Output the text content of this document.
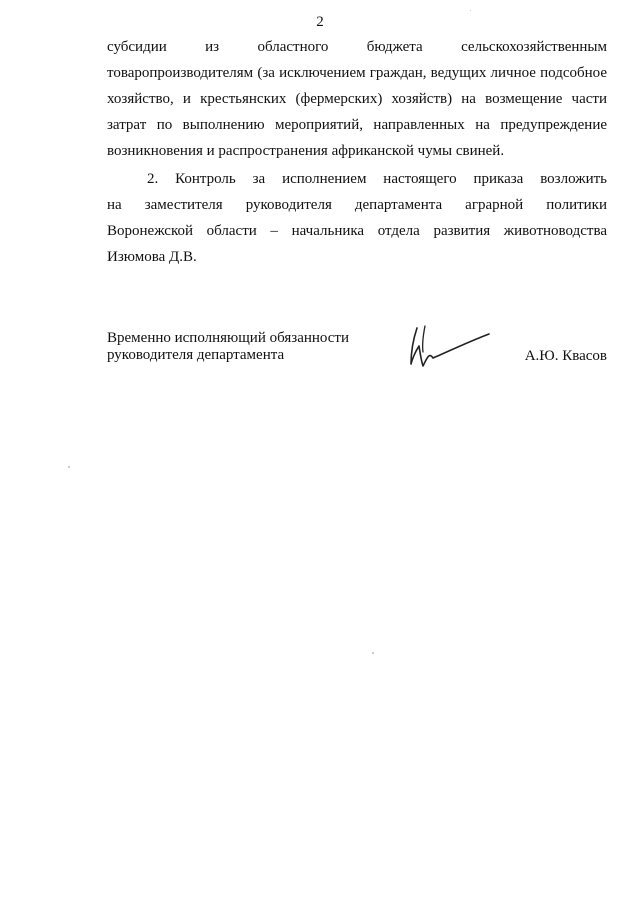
2
субсидии из областного бюджета сельскохозяйственным
товаропроизводителям (за исключением граждан, ведущих личное подсобное
хозяйство, и крестьянских (фермерских) хозяйств) на возмещение части
затрат по выполнению мероприятий, направленных на предупреждение
возникновения и распространения африканской чумы свиней.
2. Контроль за исполнением настоящего приказа возложить
на заместителя руководителя департамента аграрной политики
Воронежской области – начальника отдела развития животноводства
Изюмова Д.В.
Временно исполняющий обязанности
руководителя департамента	А.Ю. Квасов
